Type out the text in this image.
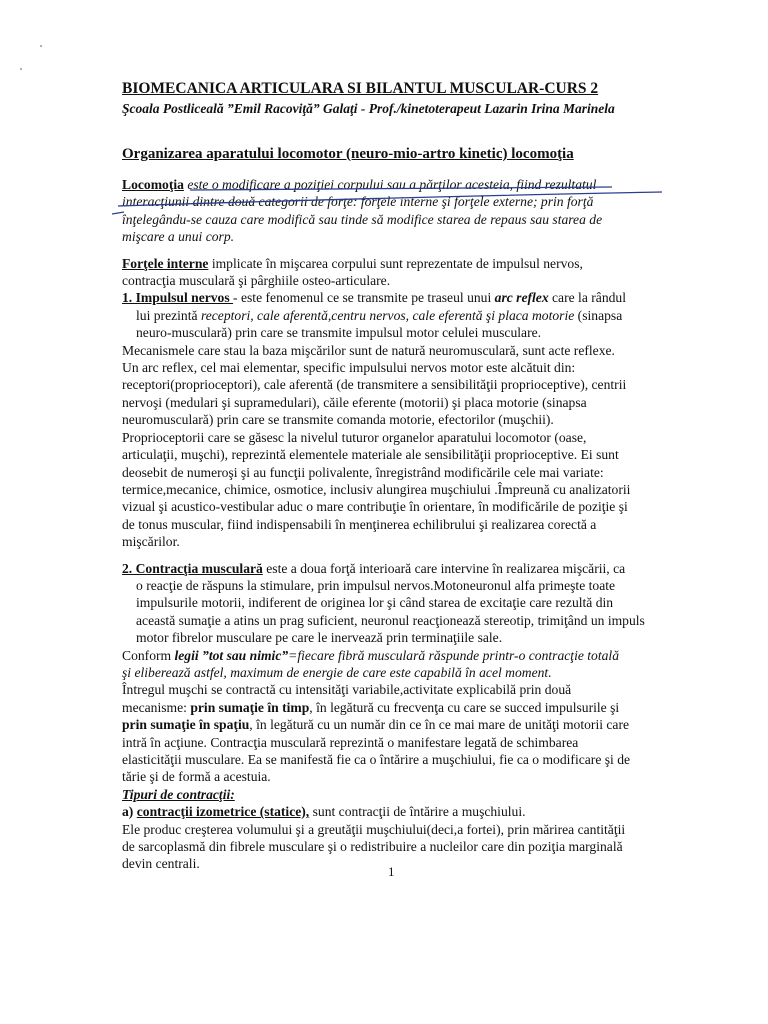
BIOMECANICA ARTICULARA SI BILANTUL MUSCULAR-CURS 2
Şcoala Postliceală ”Emil Racoviţă” Galaţi - Prof./kinetoterapeut Lazarin Irina Marinela
Organizarea aparatului locomotor (neuro-mio-artro kinetic) locomoţia

Locomoţia este o modificare a poziţiei corpului sau a părţilor acesteia, fiind rezultatul

interacţiunii dintre două categorii de forţe: forţele interne şi forţele externe; prin forţă

înţelegându-se cauza care modifică sau tinde să modifice starea de repaus sau starea de

mişcare a unui corp.

Forţele interne implicate în mişcarea corpului sunt reprezentate de impulsul nervos,

contracţia musculară şi pârghiile osteo-articulare.

1. Impulsul nervos - este fenomenul ce se transmite pe traseul unui arc reflex care la rândul

lui prezintă receptori, cale aferentă,centru nervos, cale eferentă şi placa motorie (sinapsa

neuro-musculară) prin care se transmite impulsul motor celulei musculare.

Mecanismele care stau la baza mişcărilor sunt de natură neuromusculară, sunt acte reflexe.

Un arc reflex, cel mai elementar, specific impulsului nervos motor este alcătuit din:

receptori(proprioceptori), cale aferentă (de transmitere a sensibilităţii proprioceptive), centrii

nervoşi (medulari şi supramedulari), căile eferente (motorii) şi placa motorie (sinapsa

neuromusculară) prin care se transmite comanda motorie, efectorilor (muşchii).

Proprioceptorii care se găsesc la nivelul tuturor organelor aparatului locomotor (oase,

articulaţii, muşchi), reprezintă elementele materiale ale sensibilităţii proprioceptive. Ei sunt

deosebit de numeroşi şi au funcţii polivalente, înregistrând modificările cele mai variate:

termice,mecanice, chimice, osmotice, inclusiv alungirea muşchiului .Împreună cu analizatorii

vizual şi acustico-vestibular aduc o mare contribuţie în orientare, în modificările de poziţie şi

de tonus muscular, fiind indispensabili în menţinerea echilibrului şi realizarea corectă a

mişcărilor.

2. Contracţia musculară este a doua forţă interioară care intervine în realizarea mişcării, ca

o reacţie de răspuns la stimulare, prin impulsul nervos.Motoneuronul alfa primeşte toate

impulsurile motorii, indiferent de originea lor şi când starea de excitaţie care rezultă din

această sumaţie a atins un prag suficient, neuronul reacţionează stereotip, trimiţând un impuls

motor fibrelor musculare pe care le inervează prin terminaţiile sale.

Conform legii ”tot sau nimic”=fiecare fibră musculară răspunde printr-o contracţie totală

şi eliberează astfel, maximum de energie de care este capabilă în acel moment.

Întregul muşchi se contractă cu intensităţi variabile,activitate explicabilă prin două

mecanisme: prin sumaţie în timp, în legătură cu frecvenţa cu care se succed impulsurile şi

prin sumaţie în spaţiu, în legătură cu un număr din ce în ce mai mare de unităţi motorii care

intră în acţiune. Contracţia musculară reprezintă o manifestare legată de schimbarea

elasticităţii musculare. Ea se manifestă fie ca o întărire a muşchiului, fie ca o modificare şi de

tărie şi de formă a acestuia.

Tipuri de contracţii:

a) contracţii izometrice (statice), sunt contracţii de întărire a muşchiului.

Ele produc creşterea volumului şi a greutăţii muşchiului(deci,a fortei), prin mărirea cantităţii

de sarcoplasmă din fibrele musculare şi o redistribuire a nucleilor care din poziţia marginală

devin centrali.

1
